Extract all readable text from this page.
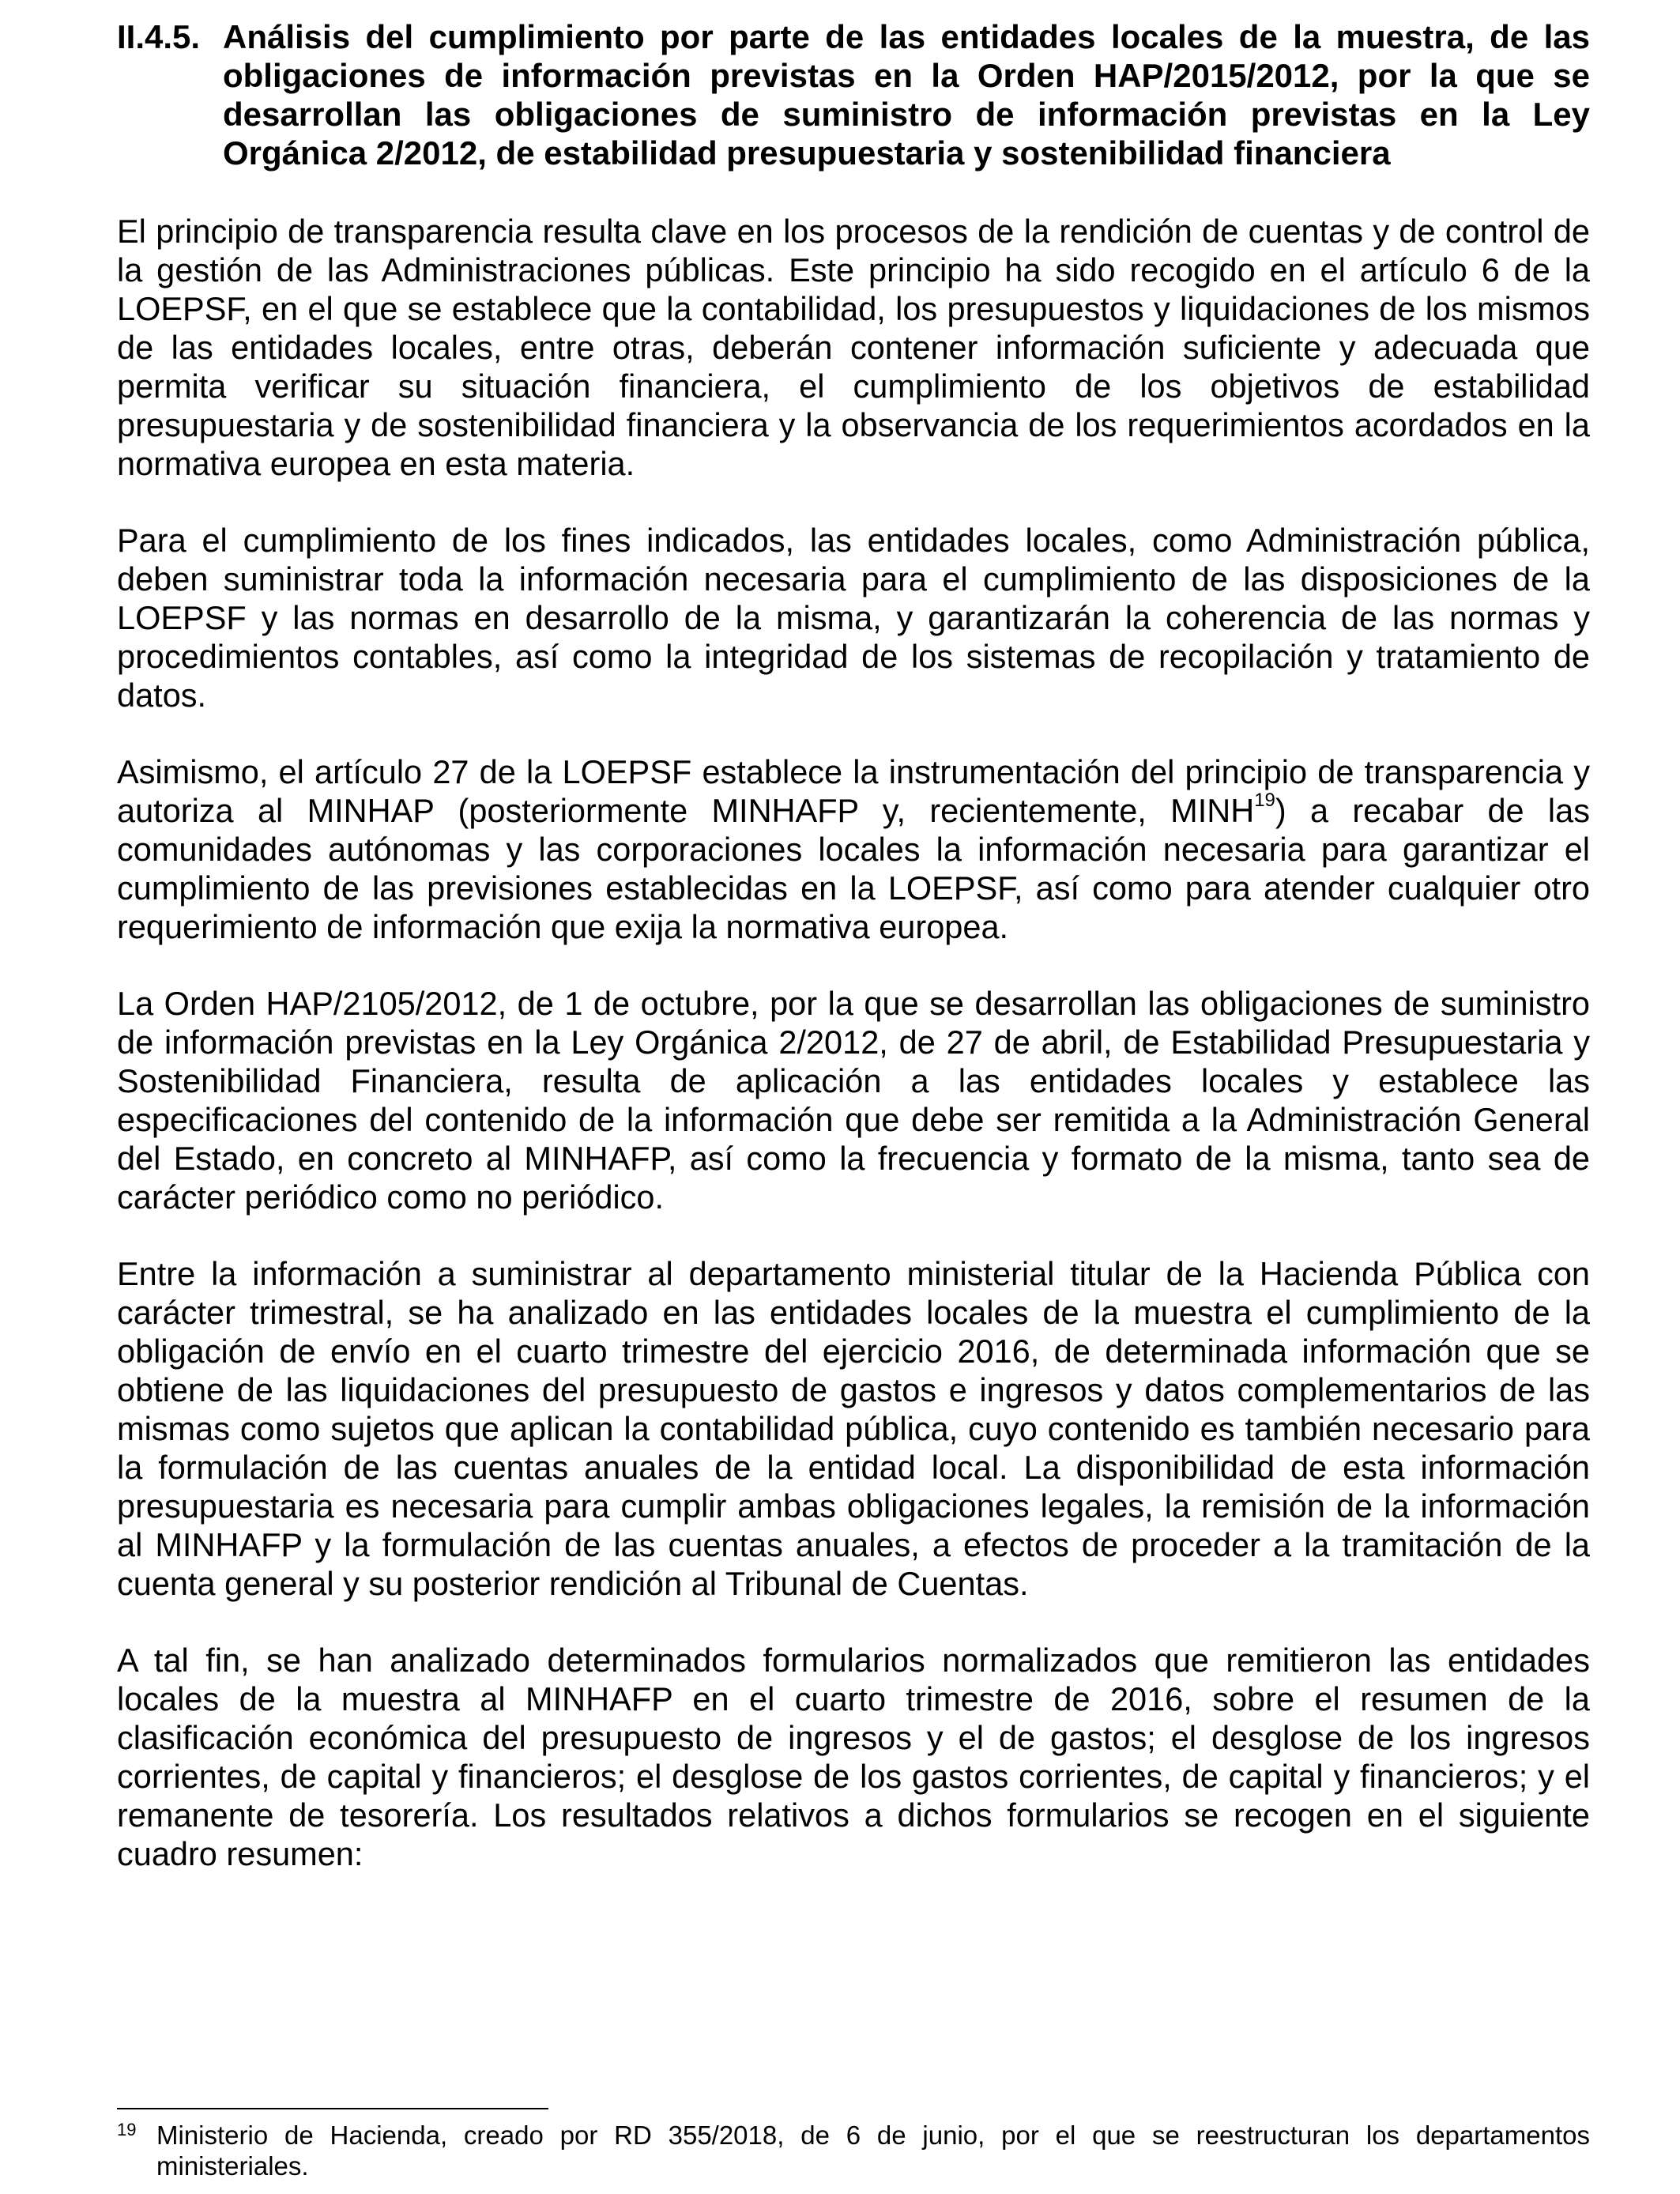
II.4.5. Análisis del cumplimiento por parte de las entidades locales de la muestra, de las obligaciones de información previstas en la Orden HAP/2015/2012, por la que se desarrollan las obligaciones de suministro de información previstas en la Ley Orgánica 2/2012, de estabilidad presupuestaria y sostenibilidad financiera

El principio de transparencia resulta clave en los procesos de la rendición de cuentas y de control de la gestión de las Administraciones públicas. Este principio ha sido recogido en el artículo 6 de la LOEPSF, en el que se establece que la contabilidad, los presupuestos y liquidaciones de los mismos de las entidades locales, entre otras, deberán contener información suficiente y adecuada que permita verificar su situación financiera, el cumplimiento de los objetivos de estabilidad presupuestaria y de sostenibilidad financiera y la observancia de los requerimientos acordados en la normativa europea en esta materia.

Para el cumplimiento de los fines indicados, las entidades locales, como Administración pública, deben suministrar toda la información necesaria para el cumplimiento de las disposiciones de la LOEPSF y las normas en desarrollo de la misma, y garantizarán la coherencia de las normas y procedimientos contables, así como la integridad de los sistemas de recopilación y tratamiento de datos.

Asimismo, el artículo 27 de la LOEPSF establece la instrumentación del principio de transparencia y autoriza al MINHAP (posteriormente MINHAFP y, recientemente, MINH$^{19}$) a recabar de las comunidades autónomas y las corporaciones locales la información necesaria para garantizar el cumplimiento de las previsiones establecidas en la LOEPSF, así como para atender cualquier otro requerimiento de información que exija la normativa europea.

La Orden HAP/2105/2012, de 1 de octubre, por la que se desarrollan las obligaciones de suministro de información previstas en la Ley Orgánica 2/2012, de 27 de abril, de Estabilidad Presupuestaria y Sostenibilidad Financiera, resulta de aplicación a las entidades locales y establece las especificaciones del contenido de la información que debe ser remitida a la Administración General del Estado, en concreto al MINHAFP, así como la frecuencia y formato de la misma, tanto sea de carácter periódico como no periódico.

Entre la información a suministrar al departamento ministerial titular de la Hacienda Pública con carácter trimestral, se ha analizado en las entidades locales de la muestra el cumplimiento de la obligación de envío en el cuarto trimestre del ejercicio 2016, de determinada información que se obtiene de las liquidaciones del presupuesto de gastos e ingresos y datos complementarios de las mismas como sujetos que aplican la contabilidad pública, cuyo contenido es también necesario para la formulación de las cuentas anuales de la entidad local. La disponibilidad de esta información presupuestaria es necesaria para cumplir ambas obligaciones legales, la remisión de la información al MINHAFP y la formulación de las cuentas anuales, a efectos de proceder a la tramitación de la cuenta general y su posterior rendición al Tribunal de Cuentas.

A tal fin, se han analizado determinados formularios normalizados que remitieron las entidades locales de la muestra al MINHAFP en el cuarto trimestre de 2016, sobre el resumen de la clasificación económica del presupuesto de ingresos y el de gastos; el desglose de los ingresos corrientes, de capital y financieros; el desglose de los gastos corrientes, de capital y financieros; y el remanente de tesorería. Los resultados relativos a dichos formularios se recogen en el siguiente cuadro resumen:

19 Ministerio de Hacienda, creado por RD 355/2018, de 6 de junio, por el que se reestructuran los departamentos ministeriales.
